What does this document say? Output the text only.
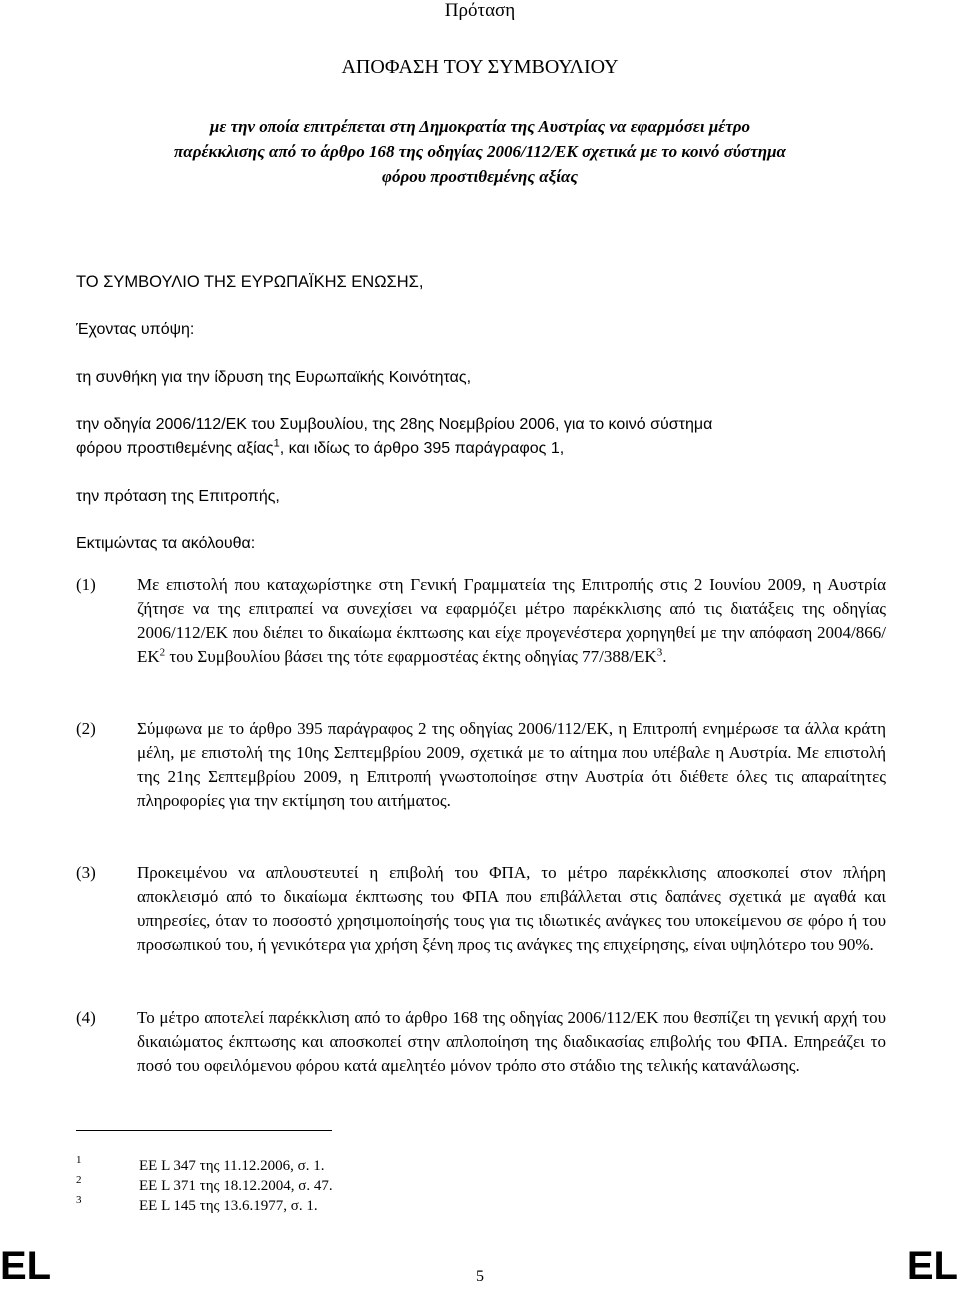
Πρόταση
ΑΠΟΦΑΣΗ ΤΟΥ ΣΥΜΒΟΥΛΙΟΥ
με την οποία επιτρέπεται στη Δημοκρατία της Αυστρίας να εφαρμόσει μέτρο
παρέκκλισης από το άρθρο 168 της οδηγίας 2006/112/ΕΚ σχετικά με το κοινό σύστημα
φόρου προστιθεμένης αξίας
ΤΟ ΣΥΜΒΟΥΛΙΟ ΤΗΣ ΕΥΡΩΠΑΪΚΗΣ ΕΝΩΣΗΣ,
Έχοντας υπόψη:
τη συνθήκη για την ίδρυση της Ευρωπαϊκής Κοινότητας,
την οδηγία 2006/112/ΕΚ του Συμβουλίου, της 28ης Νοεμβρίου 2006, για το κοινό σύστημα
φόρου προστιθεμένης αξίας$^1$, και ιδίως το άρθρο 395 παράγραφος 1,
την πρόταση της Επιτροπής,
Εκτιμώντας τα ακόλουθα:
(1) Με επιστολή που καταχωρίστηκε στη Γενική Γραμματεία της Επιτροπής στις 2 Ιουνίου 2009, η Αυστρία ζήτησε να της επιτραπεί να συνεχίσει να εφαρμόζει μέτρο παρέκκλισης από τις διατάξεις της οδηγίας 2006/112/ΕΚ που διέπει το δικαίωμα έκπτωσης και είχε προγενέστερα χορηγηθεί με την απόφαση $2004/866/EK^2$ του Συμβουλίου βάσει της τότε εφαρμοστέας έκτης οδηγίας $77/388/EK^3$.
(2) Σύμφωνα με το άρθρο 395 παράγραφος 2 της οδηγίας 2006/112/ΕΚ, η Επιτροπή ενημέρωσε τα άλλα κράτη μέλη, με επιστολή της 10ης Σεπτεμβρίου 2009, σχετικά με το αίτημα που υπέβαλε η Αυστρία. Με επιστολή της 21ης Σεπτεμβρίου 2009, η Επιτροπή γνωστοποίησε στην Αυστρία ότι διέθετε όλες τις απαραίτητες πληροφορίες για την εκτίμηση του αιτήματος.
(3) Προκειμένου να απλουστευτεί η επιβολή του ΦΠΑ, το μέτρο παρέκκλισης αποσκοπεί στον πλήρη αποκλεισμό από το δικαίωμα έκπτωσης του ΦΠΑ που επιβάλλεται στις δαπάνες σχετικά με αγαθά και υπηρεσίες, όταν το ποσοστό χρησιμοποίησής τους για τις ιδιωτικές ανάγκες του υποκείμενου σε φόρο ή του προσωπικού του, ή γενικότερα για χρήση ξένη προς τις ανάγκες της επιχείρησης, είναι υψηλότερο του 90%.
(4) Το μέτρο αποτελεί παρέκκλιση από το άρθρο 168 της οδηγίας 2006/112/ΕΚ που θεσπίζει τη γενική αρχή του δικαιώματος έκπτωσης και αποσκοπεί στην απλοποίηση της διαδικασίας επιβολής του ΦΠΑ. Επηρεάζει το ποσό του οφειλόμενου φόρου κατά αμελητέο μόνον τρόπο στο στάδιο της τελικής κατανάλωσης.
1	ΕΕ L 347 της 11.12.2006, σ. 1.
2	ΕΕ L 371 της 18.12.2004, σ. 47.
3	ΕΕ L 145 της 13.6.1977, σ. 1.
EL	5	EL
